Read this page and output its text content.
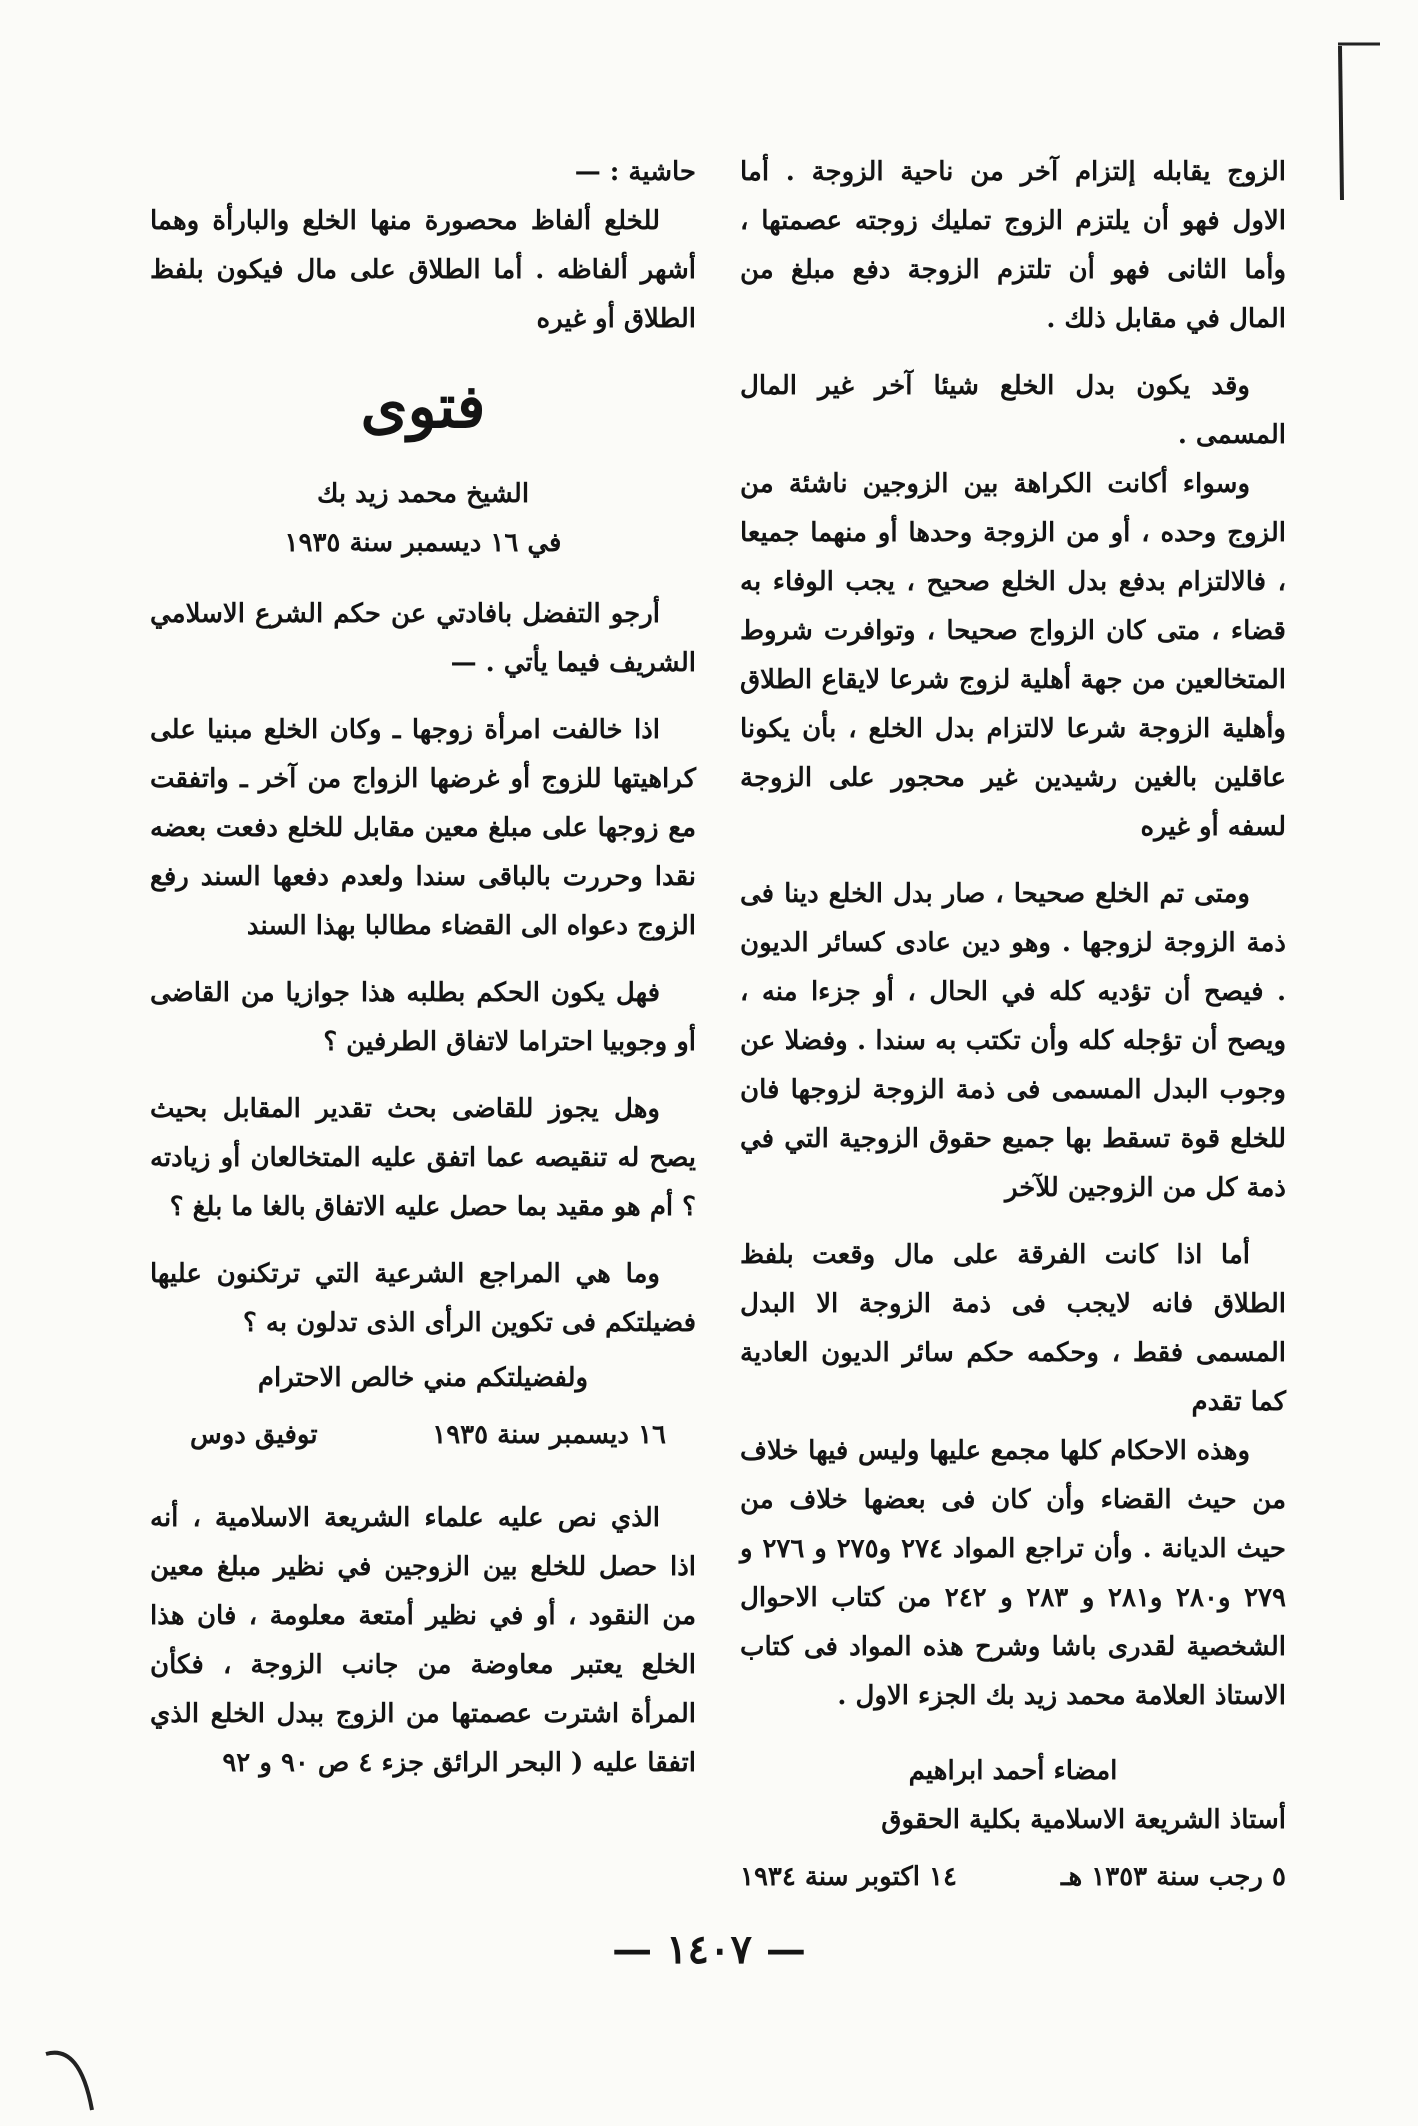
الزوج يقابله إلتزام آخر من ناحية الزوجة . أما الاول فهو أن يلتزم الزوج تمليك زوجته عصمتها ، وأما الثانى فهو أن تلتزم الزوجة دفع مبلغ من المال في مقابل ذلك .

وقد يكون بدل الخلع شيئا آخر غير المال المسمى .

وسواء أكانت الكراهة بين الزوجين ناشئة من الزوج وحده ، أو من الزوجة وحدها أو منهما جميعا ، فالالتزام بدفع بدل الخلع صحيح ، يجب الوفاء به قضاء ، متى كان الزواج صحيحا ، وتوافرت شروط المتخالعين من جهة أهلية لزوج شرعا لايقاع الطلاق وأهلية الزوجة شرعا لالتزام بدل الخلع ، بأن يكونا عاقلين بالغين رشيدين غير محجور على الزوجة لسفه أو غيره

ومتى تم الخلع صحيحا ، صار بدل الخلع دينا فى ذمة الزوجة لزوجها . وهو دين عادى كسائر الديون . فيصح أن تؤديه كله في الحال ، أو جزءا منه ، ويصح أن تؤجله كله وأن تكتب به سندا . وفضلا عن وجوب البدل المسمى فى ذمة الزوجة لزوجها فان للخلع قوة تسقط بها جميع حقوق الزوجية التي في ذمة كل من الزوجين للآخر

أما اذا كانت الفرقة على مال وقعت بلفظ الطلاق فانه لايجب فى ذمة الزوجة الا البدل المسمى فقط ، وحكمه حكم سائر الديون العادية كما تقدم

وهذه الاحكام كلها مجمع عليها وليس فيها خلاف من حيث القضاء وأن كان فى بعضها خلاف من حيث الديانة . وأن تراجع المواد ٢٧٤ و٢٧٥ و ٢٧٦ و ٢٧٩ و٢٨٠ و٢٨١ و ٢٨٣ و ٢٤٢ من كتاب الاحوال الشخصية لقدرى باشا وشرح هذه المواد فى كتاب الاستاذ العلامة محمد زيد بك الجزء الاول .

امضاء أحمد ابراهيم

أستاذ الشريعة الاسلامية بكلية الحقوق

٥ رجب سنة ١٣٥٣ هـ
١٤ اكتوبر سنة ١٩٣٤

حاشية : —

للخلع ألفاظ محصورة منها الخلع والبارأة وهما أشهر ألفاظه . أما الطلاق على مال فيكون بلفظ الطلاق أو غيره

فتوى

الشيخ محمد زيد بك

في ١٦ ديسمبر سنة ١٩٣٥

أرجو التفضل بافادتي عن حكم الشرع الاسلامي الشريف فيما يأتي . —

اذا خالفت امرأة زوجها ـ وكان الخلع مبنيا على كراهيتها للزوج أو غرضها الزواج من آخر ـ واتفقت مع زوجها على مبلغ معين مقابل للخلع دفعت بعضه نقدا وحررت بالباقى سندا ولعدم دفعها السند رفع الزوج دعواه الى القضاء مطالبا بهذا السند

فهل يكون الحكم بطلبه هذا جوازيا من القاضى أو وجوبيا احتراما لاتفاق الطرفين ؟

وهل يجوز للقاضى بحث تقدير المقابل بحيث يصح له تنقيصه عما اتفق عليه المتخالعان أو زيادته ؟ أم هو مقيد بما حصل عليه الاتفاق بالغا ما بلغ ؟

وما هي المراجع الشرعية التي ترتكنون عليها فضيلتكم فى تكوين الرأى الذى تدلون به ؟

ولفضيلتكم مني خالص الاحترام

١٦ ديسمبر سنة ١٩٣٥
توفيق دوس

الذي نص عليه علماء الشريعة الاسلامية ، أنه اذا حصل للخلع بين الزوجين في نظير مبلغ معين من النقود ، أو في نظير أمتعة معلومة ، فان هذا الخلع يعتبر معاوضة من جانب الزوجة ، فكأن المرأة اشترت عصمتها من الزوج ببدل الخلع الذي اتفقا عليه ( البحر الرائق جزء ٤ ص ٩٠ و ٩٢

— ١٤٠٧ —
